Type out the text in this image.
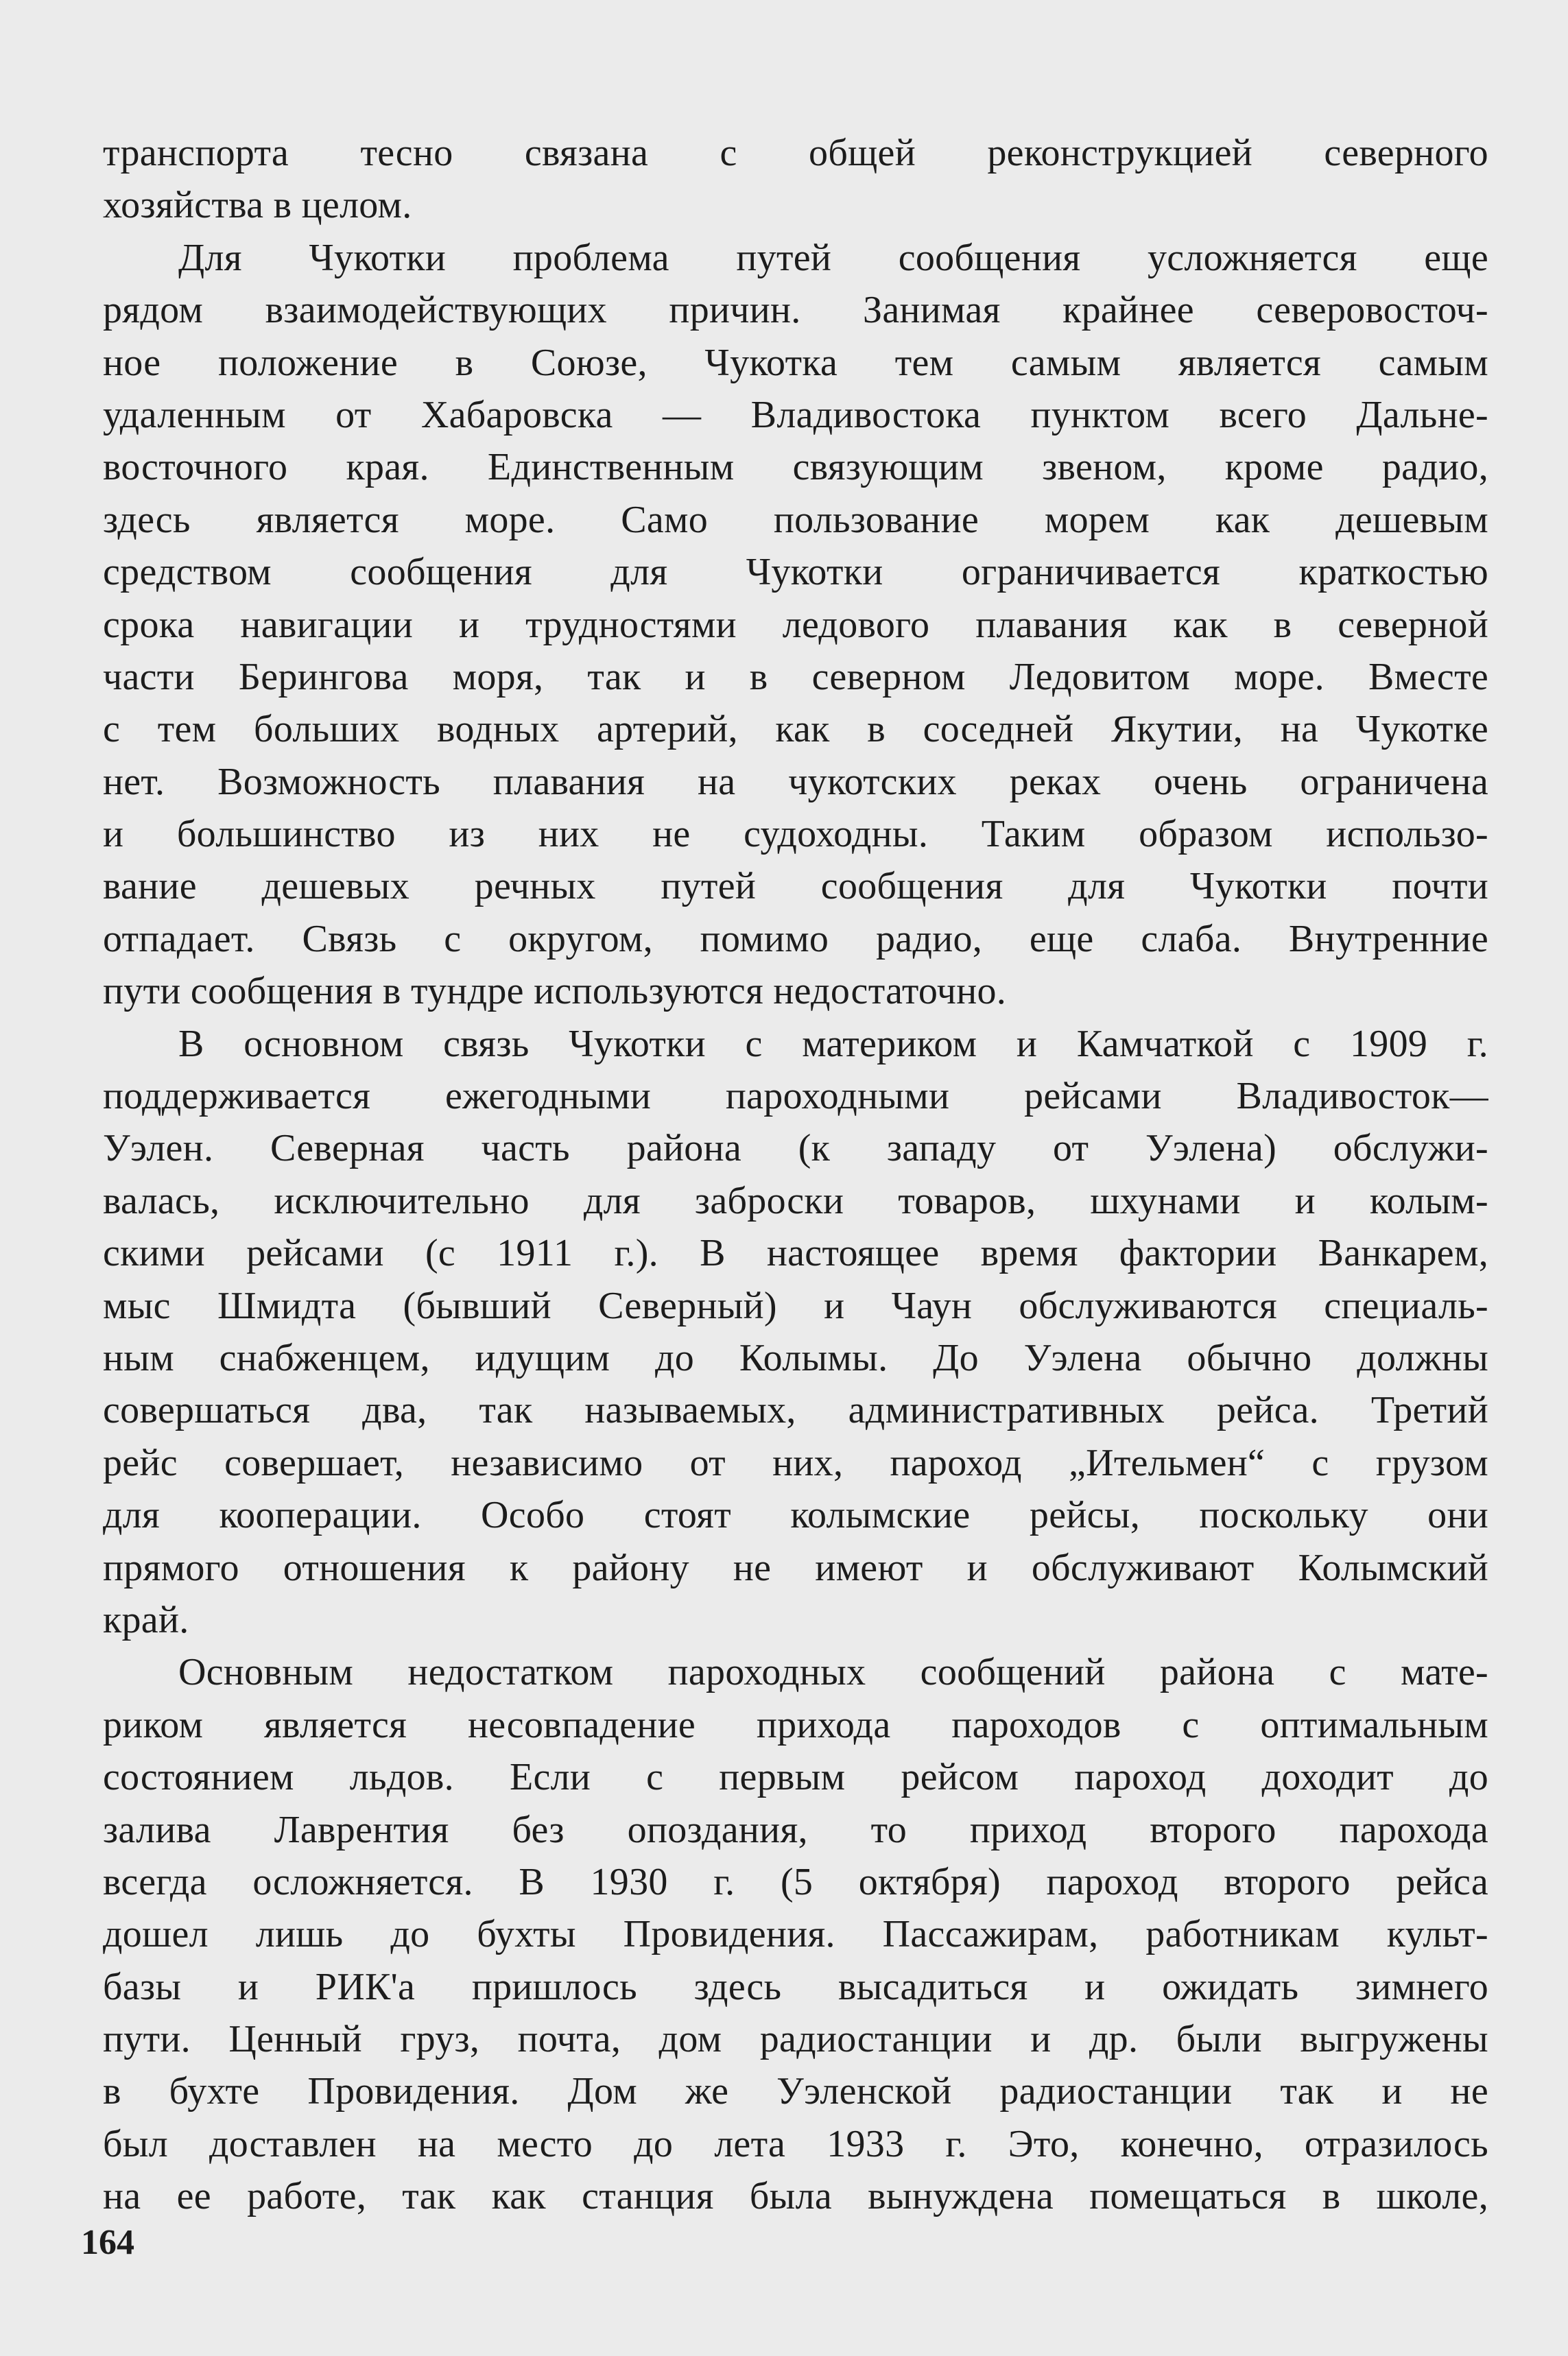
транспорта тесно связана с общей реконструкцией северного
хозяйства в целом.
Для Чукотки проблема путей сообщения усложняется еще
рядом взаимодействующих причин. Занимая крайнее северовосточ-
ное положение в Союзе, Чукотка тем самым является самым
удаленным от Хабаровска — Владивостока пунктом всего Дальне-
восточного края. Единственным связующим звеном, кроме радио,
здесь является море. Само пользование морем как дешевым
средством сообщения для Чукотки ограничивается краткостью
срока навигации и трудностями ледового плавания как в северной
части Берингова моря, так и в северном Ледовитом море. Вместе
с тем больших водных артерий, как в соседней Якутии, на Чукотке
нет. Возможность плавания на чукотских реках очень ограничена
и большинство из них не судоходны. Таким образом использо-
вание дешевых речных путей сообщения для Чукотки почти
отпадает. Связь с округом, помимо радио, еще слаба. Внутренние
пути сообщения в тундре используются недостаточно.
В основном связь Чукотки с материком и Камчаткой с 1909 г.
поддерживается ежегодными пароходными рейсами Владивосток—
Уэлен. Северная часть района (к западу от Уэлена) обслужи-
валась, исключительно для заброски товаров, шхунами и колым-
скими рейсами (с 1911 г.). В настоящее время фактории Ванкарем,
мыс Шмидта (бывший Северный) и Чаун обслуживаются специаль-
ным снабженцем, идущим до Колымы. До Уэлена обычно должны
совершаться два, так называемых, административных рейса. Третий
рейс совершает, независимо от них, пароход „Ительмен“ с грузом
для кооперации. Особо стоят колымские рейсы, поскольку они
прямого отношения к району не имеют и обслуживают Колымский
край.
Основным недостатком пароходных сообщений района с мате-
риком является несовпадение прихода пароходов с оптимальным
состоянием льдов. Если с первым рейсом пароход доходит до
залива Лаврентия без опоздания, то приход второго парохода
всегда осложняется. В 1930 г. (5 октября) пароход второго рейса
дошел лишь до бухты Провидения. Пассажирам, работникам культ-
базы и РИК'а пришлось здесь высадиться и ожидать зимнего
пути. Ценный груз, почта, дом радиостанции и др. были выгружены
в бухте Провидения. Дом же Уэленской радиостанции так и не
был доставлен на место до лета 1933 г. Это, конечно, отразилось
на ее работе, так как станция была вынуждена помещаться в школе,
164
